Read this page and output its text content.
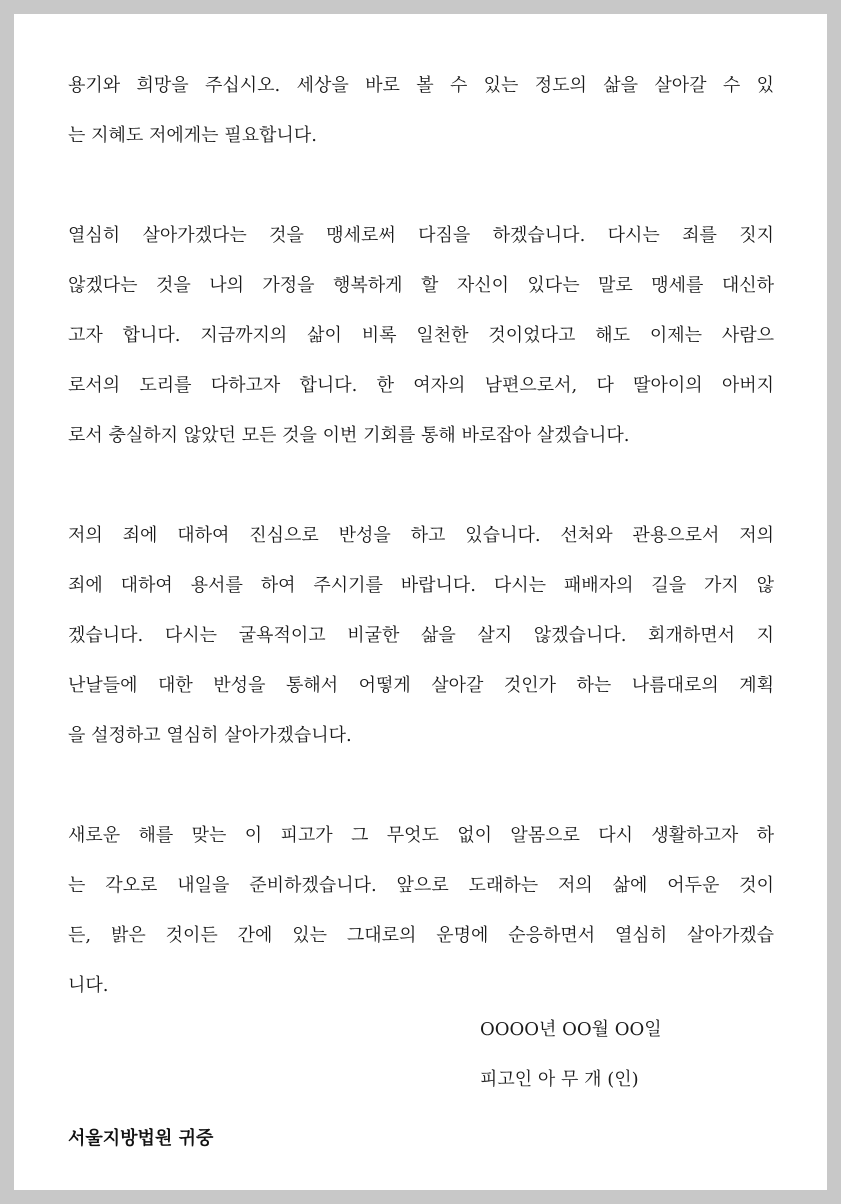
용기와 희망을 주십시오. 세상을 바로 볼 수 있는 정도의 삶을 살아갈 수 있
는 지혜도 저에게는 필요합니다.
열심히 살아가겠다는 것을 맹세로써 다짐을 하겠습니다. 다시는 죄를 짓지
않겠다는 것을 나의 가정을 행복하게 할 자신이 있다는 말로 맹세를 대신하
고자 합니다. 지금까지의 삶이 비록 일천한 것이었다고 해도 이제는 사람으
로서의 도리를 다하고자 합니다. 한 여자의 남편으로서, 다 딸아이의 아버지
로서 충실하지 않았던 모든 것을 이번 기회를 통해 바로잡아 살겠습니다.
저의 죄에 대하여 진심으로 반성을 하고 있습니다. 선처와 관용으로서 저의
죄에 대하여 용서를 하여 주시기를 바랍니다. 다시는 패배자의 길을 가지 않
겠습니다. 다시는 굴욕적이고 비굴한 삶을 살지 않겠습니다. 회개하면서 지
난날들에 대한 반성을 통해서 어떻게 살아갈 것인가 하는 나름대로의 계획
을 설정하고 열심히 살아가겠습니다.
새로운 해를 맞는 이 피고가 그 무엇도 없이 알몸으로 다시 생활하고자 하
는 각오로 내일을 준비하겠습니다. 앞으로 도래하는 저의 삶에 어두운 것이
든, 밝은 것이든 간에 있는 그대로의 운명에 순응하면서 열심히 살아가겠습
니다.
OOOO년 OO월 OO일
피고인 아 무 개 (인)
서울지방법원 귀중
